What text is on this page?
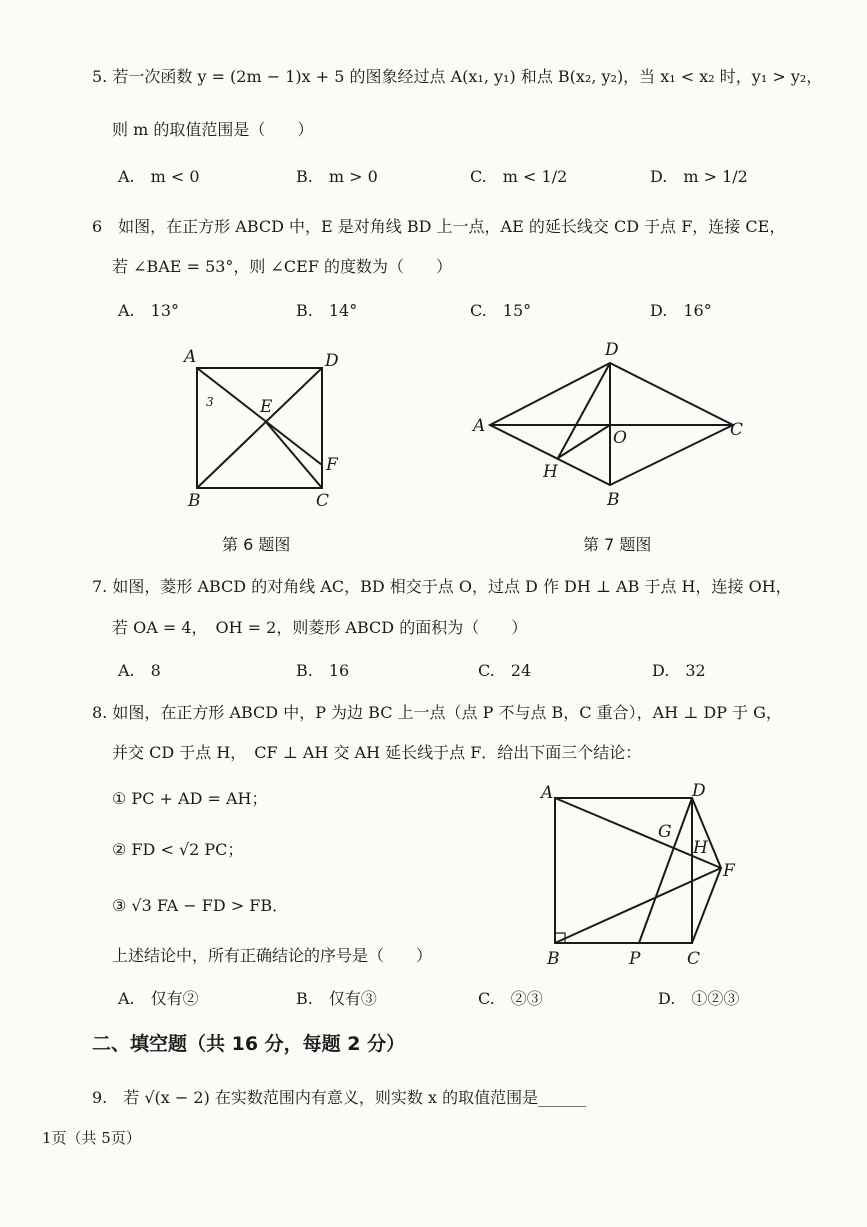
5. 若一次函数 y = (2m − 1)x + 5 的图象经过点 A(x₁, y₁) 和点 B(x₂, y₂)，当 x₁ < x₂ 时，y₁ > y₂，
则 m 的取值范围是（　　）
A.　m < 0	B.　m > 0	C.　m < 1/2	D.　m > 1/2
6　如图，在正方形 ABCD 中，E 是对角线 BD 上一点，AE 的延长线交 CD 于点 F，连接 CE，
若 ∠BAE = 53°，则 ∠CEF 的度数为（　　）
A.　13°	B.　14°	C.　15°	D.　16°
A	D
B	C
E
F
3
第 6 题图
A
D
C
B
O
H
第 7 题图
7. 如图，菱形 ABCD 的对角线 AC，BD 相交于点 O，过点 D 作 DH ⊥ AB 于点 H，连接 OH，
若 OA = 4，　OH = 2，则菱形 ABCD 的面积为（　　）
A.　8	B.　16	C.　24	D.　32
8. 如图，在正方形 ABCD 中，P 为边 BC 上一点（点 P 不与点 B，C 重合），AH ⊥ DP 于 G，
并交 CD 于点 H，　CF ⊥ AH 交 AH 延长线于点 F．给出下面三个结论：
① PC + AD = AH；
② FD < √2 PC；
③ √3 FA − FD > FB．
上述结论中，所有正确结论的序号是（　　）
A.　仅有②	B.　仅有③	C.　②③	D.　①②③
A	D
G
H
F
B	P	C
二、填空题（共 16 分，每题 2 分）
9.　若 √(x − 2) 在实数范围内有意义，则实数 x 的取值范围是______
1页（共 5页）
